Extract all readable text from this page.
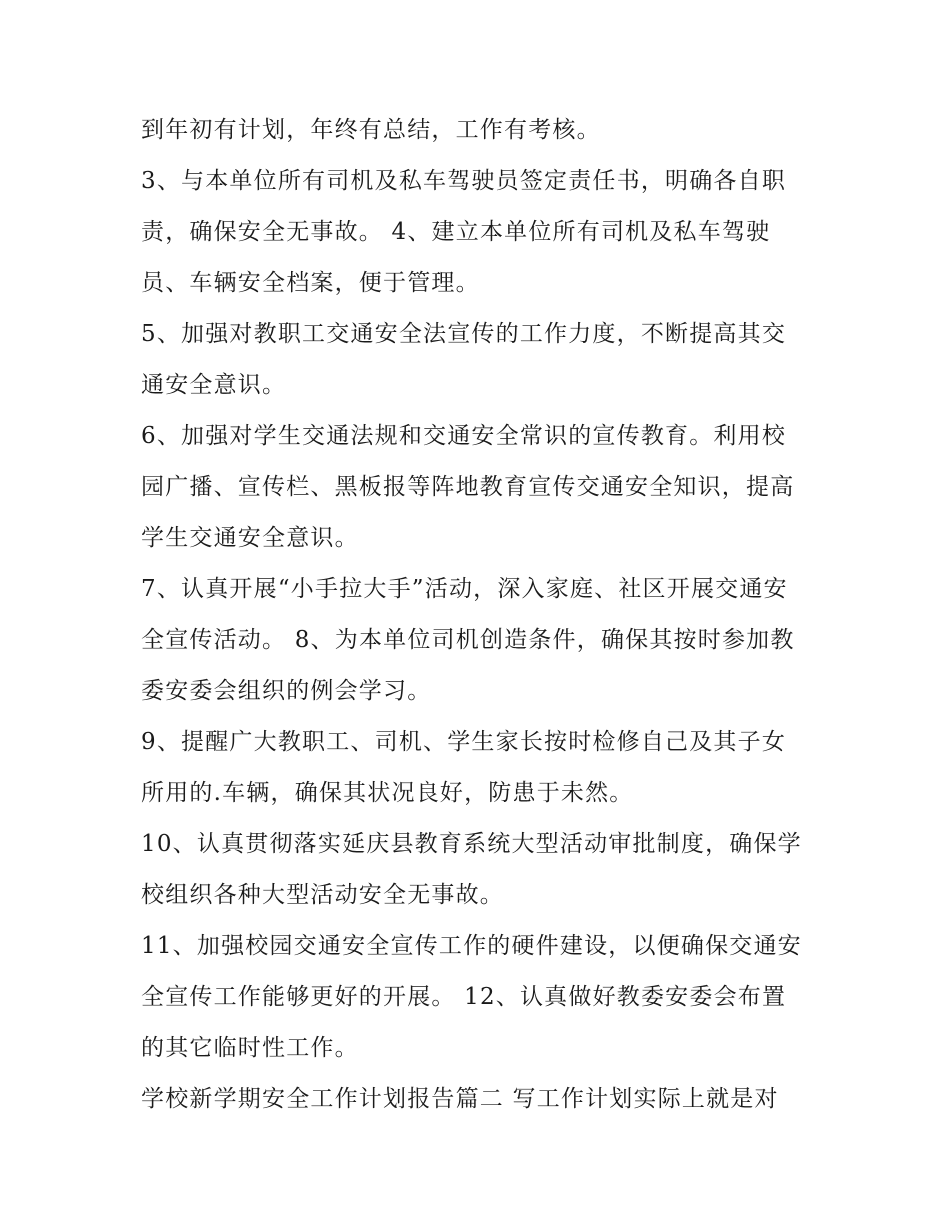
到年初有计划，年终有总结，工作有考核。
3、与本单位所有司机及私车驾驶员签定责任书，明确各自职
责，确保安全无事故。 4、建立本单位所有司机及私车驾驶
员、车辆安全档案，便于管理。
5、加强对教职工交通安全法宣传的工作力度，不断提高其交
通安全意识。
6、加强对学生交通法规和交通安全常识的宣传教育。利用校
园广播、宣传栏、黑板报等阵地教育宣传交通安全知识，提高
学生交通安全意识。
7、认真开展“小手拉大手”活动，深入家庭、社区开展交通安
全宣传活动。 8、为本单位司机创造条件，确保其按时参加教
委安委会组织的例会学习。
9、提醒广大教职工、司机、学生家长按时检修自己及其子女
所用的.车辆，确保其状况良好，防患于未然。
10、认真贯彻落实延庆县教育系统大型活动审批制度，确保学
校组织各种大型活动安全无事故。
11、加强校园交通安全宣传工作的硬件建设，以便确保交通安
全宣传工作能够更好的开展。 12、认真做好教委安委会布置
的其它临时性工作。
学校新学期安全工作计划报告篇二 写工作计划实际上就是对
